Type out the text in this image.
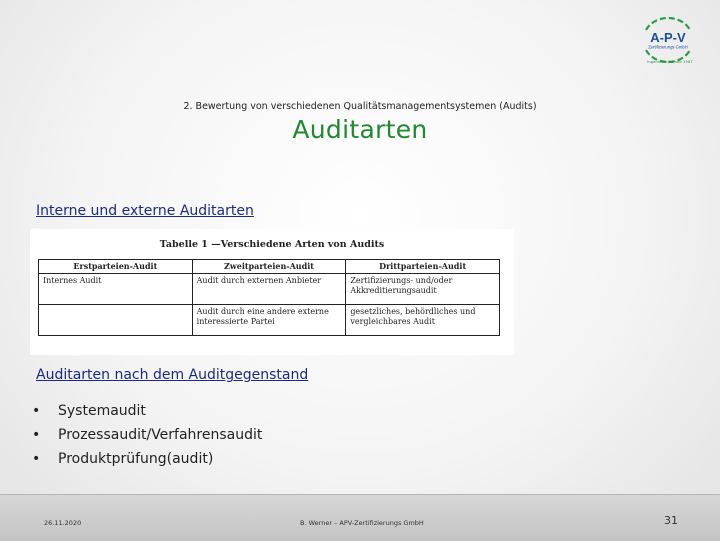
A-P-V
Zertifizierungs GmbH
Ingenieurbüro seit 1987
2. Bewertung von verschiedenen Qualitätsmanagementsystemen (Audits)
Auditarten
Interne und externe Auditarten
Tabelle 1 —Verschiedene Arten von Audits
Erstparteien-Audit	Zweitparteien-Audit	Drittparteien-Audit
Internes Audit	Audit durch externen Anbieter	Zertifizierungs- und/oder Akkreditierungsaudit
	Audit durch eine andere externe interessierte Partei	gesetzliches, behördliches und vergleichbares Audit
Auditarten nach dem Auditgegenstand
• Systemaudit
• Prozessaudit/Verfahrensaudit
• Produktprüfung(audit)
26.11.2020	B. Werner – APV-Zertifizierungs GmbH	31
